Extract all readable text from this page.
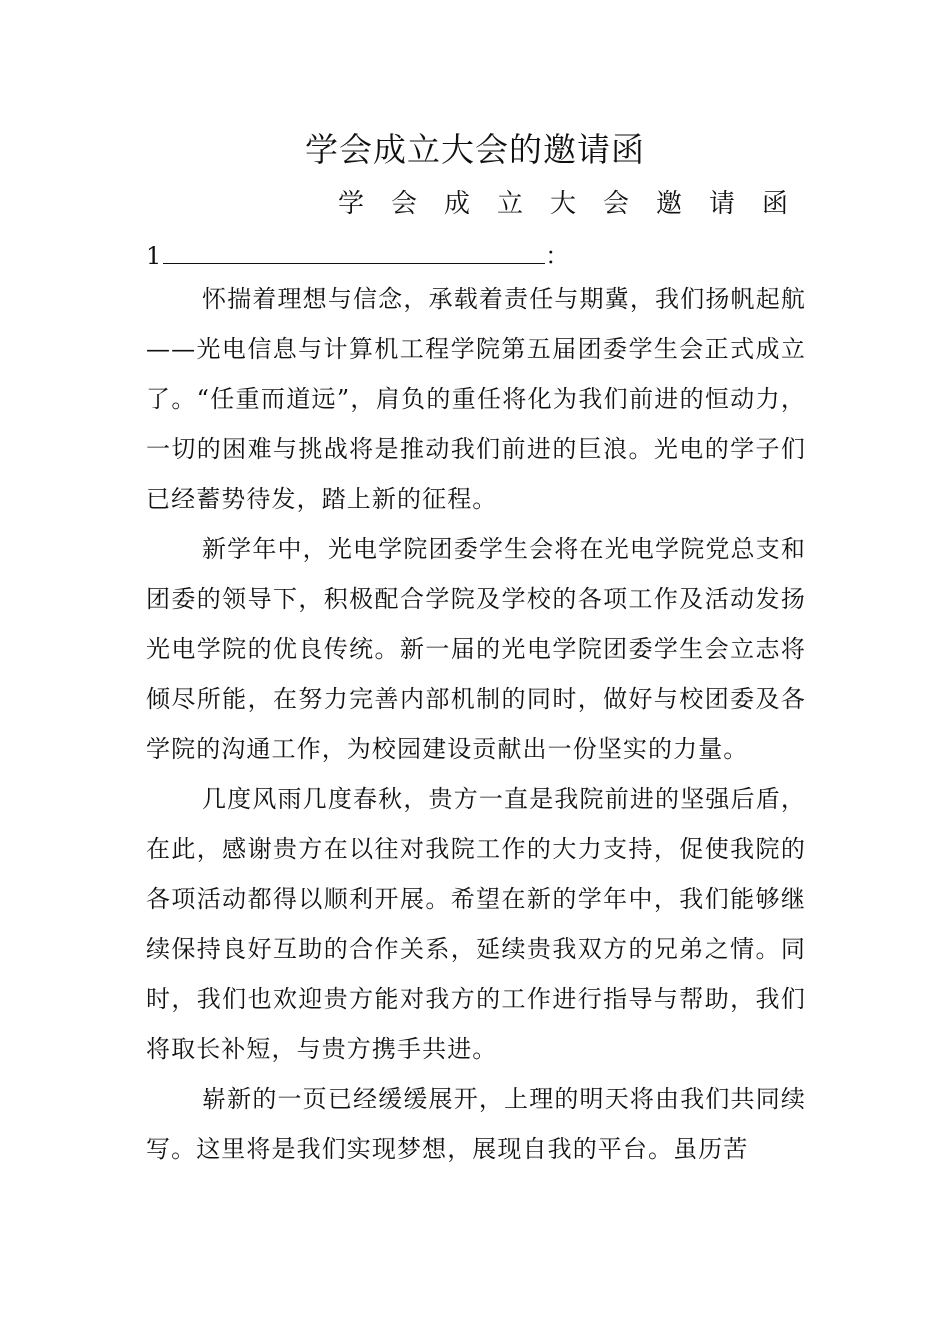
学会成立大会的邀请函
学会成立大会邀请函
1	：

怀揣着理想与信念，承载着责任与期冀，我们扬帆起航——光电信息与计算机工程学院第五届团委学生会正式成立了。“任重而道远”，肩负的重任将化为我们前进的恒动力，一切的困难与挑战将是推动我们前进的巨浪。光电的学子们已经蓄势待发，踏上新的征程。

新学年中，光电学院团委学生会将在光电学院党总支和团委的领导下，积极配合学院及学校的各项工作及活动发扬光电学院的优良传统。新一届的光电学院团委学生会立志将倾尽所能，在努力完善内部机制的同时，做好与校团委及各学院的沟通工作，为校园建设贡献出一份坚实的力量。

几度风雨几度春秋，贵方一直是我院前进的坚强后盾，在此，感谢贵方在以往对我院工作的大力支持，促使我院的各项活动都得以顺利开展。希望在新的学年中，我们能够继续保持良好互助的合作关系，延续贵我双方的兄弟之情。同时，我们也欢迎贵方能对我方的工作进行指导与帮助，我们将取长补短，与贵方携手共进。

崭新的一页已经缓缓展开，上理的明天将由我们共同续写。这里将是我们实现梦想，展现自我的平台。虽历苦
